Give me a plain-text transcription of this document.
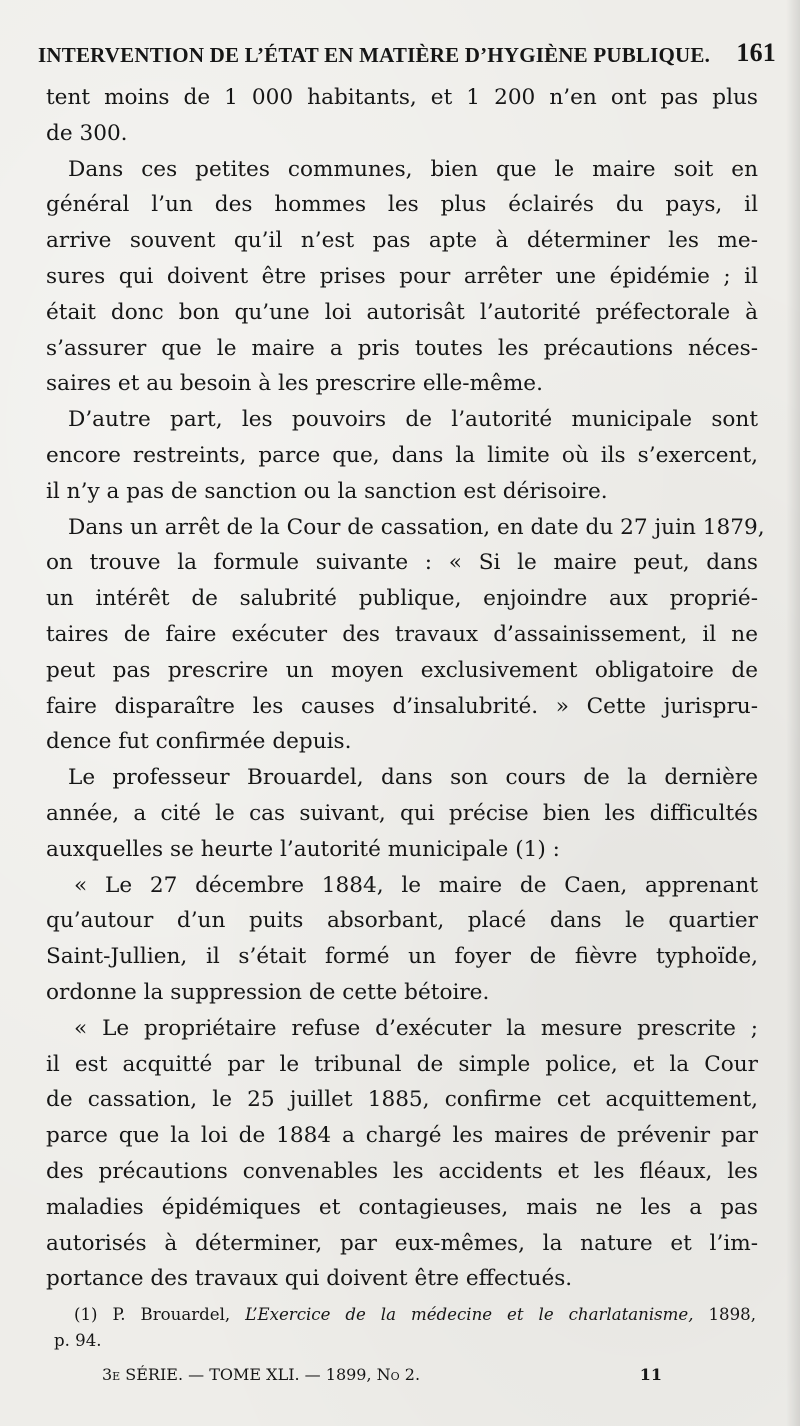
INTERVENTION DE L’ÉTAT EN MATIÈRE D’HYGIÈNE PUBLIQUE. 161
tent moins de 1 000 habitants, et 1 200 n’en ont pas plus
de 300.
Dans ces petites communes, bien que le maire soit en
général l’un des hommes les plus éclairés du pays, il
arrive souvent qu’il n’est pas apte à déterminer les me-
sures qui doivent être prises pour arrêter une épidémie ; il
était donc bon qu’une loi autorisât l’autorité préfectorale à
s’assurer que le maire a pris toutes les précautions néces-
saires et au besoin à les prescrire elle-même.
D’autre part, les pouvoirs de l’autorité municipale sont
encore restreints, parce que, dans la limite où ils s’exercent,
il n’y a pas de sanction ou la sanction est dérisoire.
Dans un arrêt de la Cour de cassation, en date du 27 juin 1879,
on trouve la formule suivante : « Si le maire peut, dans
un intérêt de salubrité publique, enjoindre aux proprié-
taires de faire exécuter des travaux d’assainissement, il ne
peut pas prescrire un moyen exclusivement obligatoire de
faire disparaître les causes d’insalubrité. » Cette jurispru-
dence fut confirmée depuis.
Le professeur Brouardel, dans son cours de la dernière
année, a cité le cas suivant, qui précise bien les difficultés
auxquelles se heurte l’autorité municipale (1) :
« Le 27 décembre 1884, le maire de Caen, apprenant
qu’autour d’un puits absorbant, placé dans le quartier
Saint-Jullien, il s’était formé un foyer de fièvre typhoïde,
ordonne la suppression de cette bétoire.
« Le propriétaire refuse d’exécuter la mesure prescrite ;
il est acquitté par le tribunal de simple police, et la Cour
de cassation, le 25 juillet 1885, confirme cet acquittement,
parce que la loi de 1884 a chargé les maires de prévenir par
des précautions convenables les accidents et les fléaux, les
maladies épidémiques et contagieuses, mais ne les a pas
autorisés à déterminer, par eux-mêmes, la nature et l’im-
portance des travaux qui doivent être effectués.
(1) P. Brouardel, L’Exercice de la médecine et le charlatanisme, 1898,
p. 94.
3e SÉRIE. — TOME XLI. — 1899, No 2.	11
